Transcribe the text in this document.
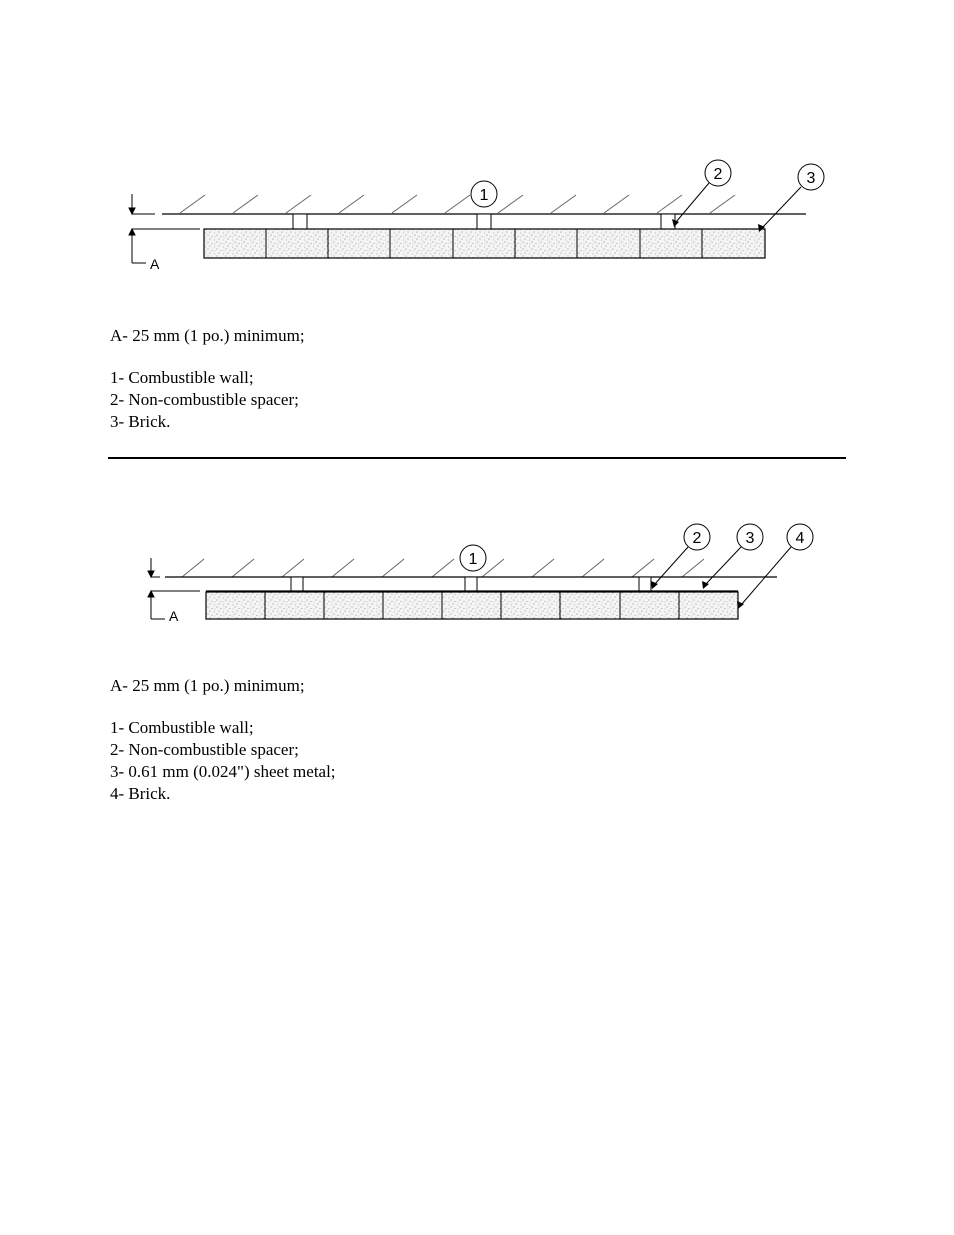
A
1
2	3
A- 25 mm (1 po.) minimum;
1- Combustible wall;
2- Non-combustible spacer;
3- Brick.
A
1
2	3	4
A- 25 mm (1 po.) minimum;
1- Combustible wall;
2- Non-combustible spacer;
3- 0.61 mm (0.024") sheet metal;
4- Brick.
